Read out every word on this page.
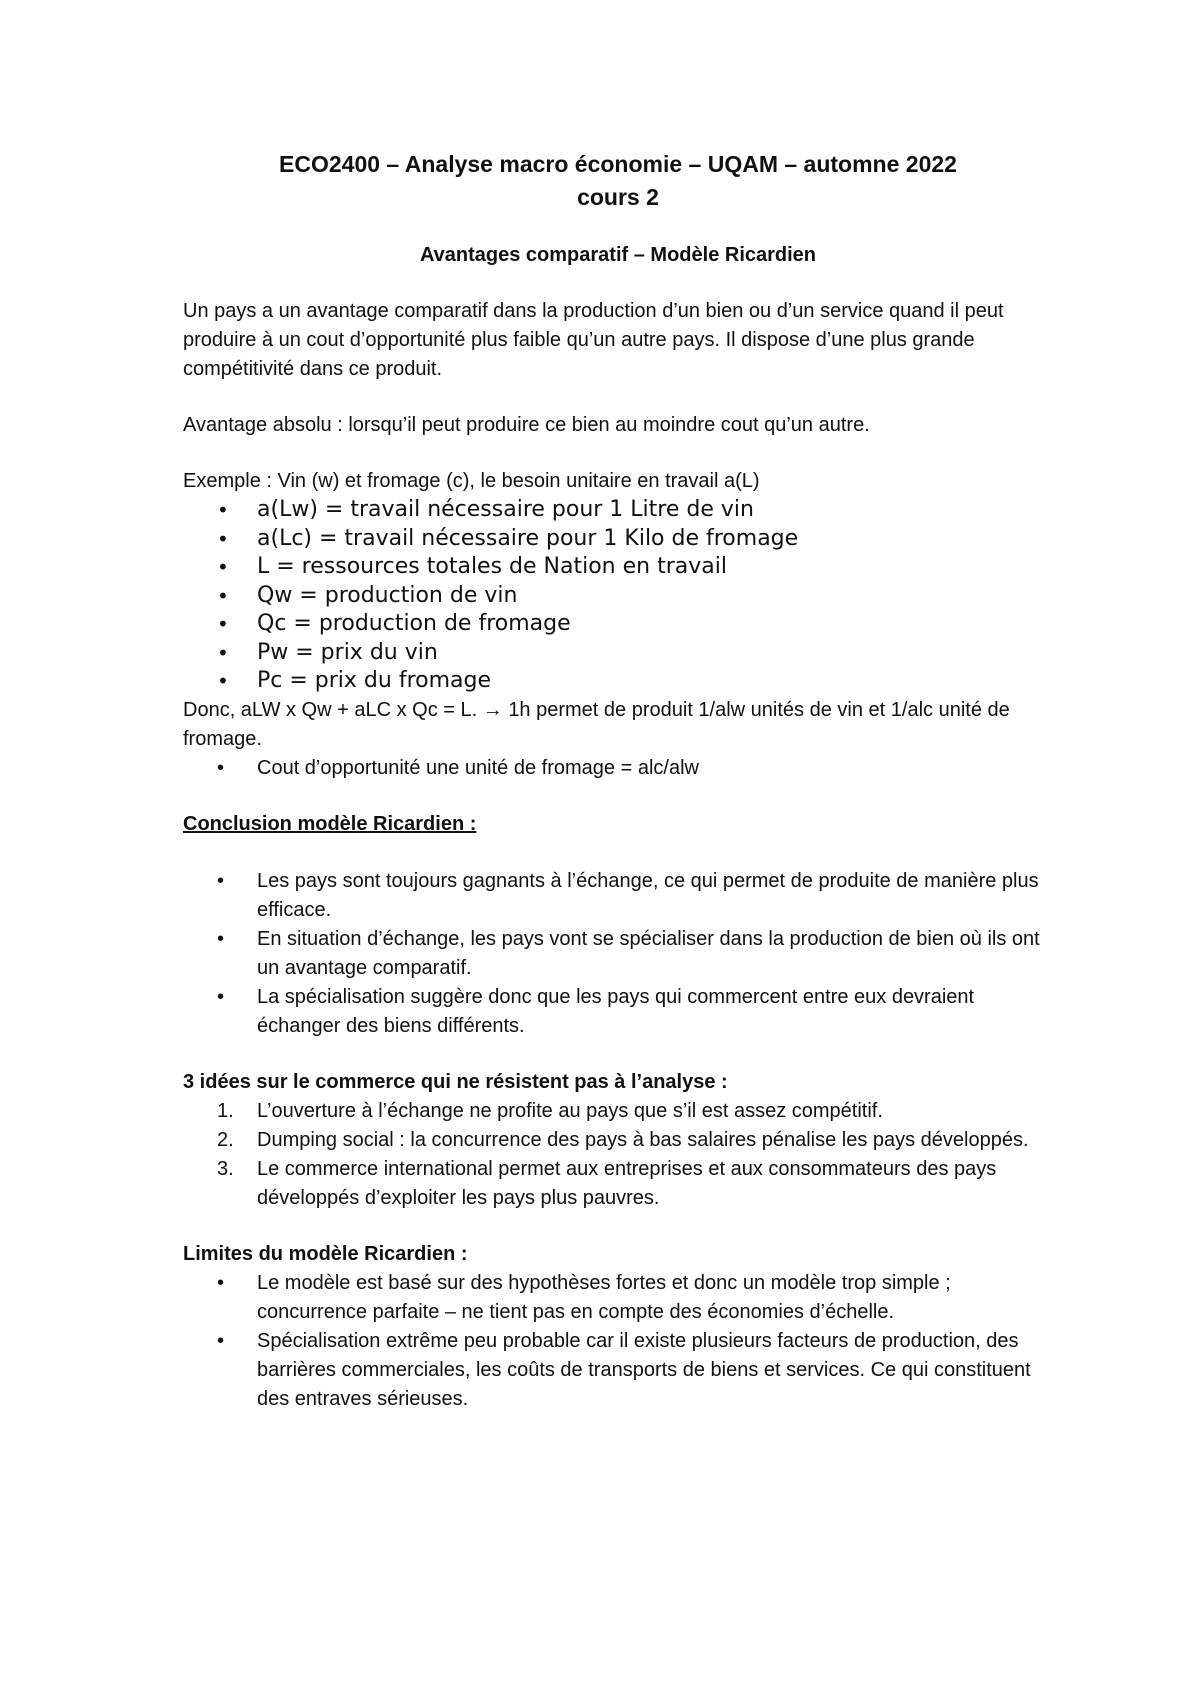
ECO2400 – Analyse macro économie – UQAM – automne 2022
cours 2

Avantages comparatif – Modèle Ricardien

Un pays a un avantage comparatif dans la production d’un bien ou d’un service quand il peut produire à un cout d’opportunité plus faible qu’un autre pays. Il dispose d’une plus grande compétitivité dans ce produit.

Avantage absolu : lorsqu’il peut produire ce bien au moindre cout qu’un autre.

Exemple : Vin (w) et fromage (c), le besoin unitaire en travail a(L)

• a(Lw) = travail nécessaire pour 1 Litre de vin
• a(Lc) = travail nécessaire pour 1 Kilo de fromage
• L = ressources totales de Nation en travail
• Qw = production de vin
• Qc = production de fromage
• Pw = prix du vin
• Pc = prix du fromage

Donc, aLW x Qw + aLC x Qc = L. → 1h permet de produit 1/alw unités de vin et 1/alc unité de fromage.

• Cout d’opportunité une unité de fromage = alc/alw

Conclusion modèle Ricardien :

• Les pays sont toujours gagnants à l’échange, ce qui permet de produite de manière plus efficace.
• En situation d’échange, les pays vont se spécialiser dans la production de bien où ils ont un avantage comparatif.
• La spécialisation suggère donc que les pays qui commercent entre eux devraient échanger des biens différents.

3 idées sur le commerce qui ne résistent pas à l’analyse :

1. L’ouverture à l’échange ne profite au pays que s’il est assez compétitif.
2. Dumping social : la concurrence des pays à bas salaires pénalise les pays développés.
3. Le commerce international permet aux entreprises et aux consommateurs des pays développés d’exploiter les pays plus pauvres.

Limites du modèle Ricardien :

• Le modèle est basé sur des hypothèses fortes et donc un modèle trop simple ; concurrence parfaite – ne tient pas en compte des économies d’échelle.
• Spécialisation extrême peu probable car il existe plusieurs facteurs de production, des barrières commerciales, les coûts de transports de biens et services. Ce qui constituent des entraves sérieuses.
